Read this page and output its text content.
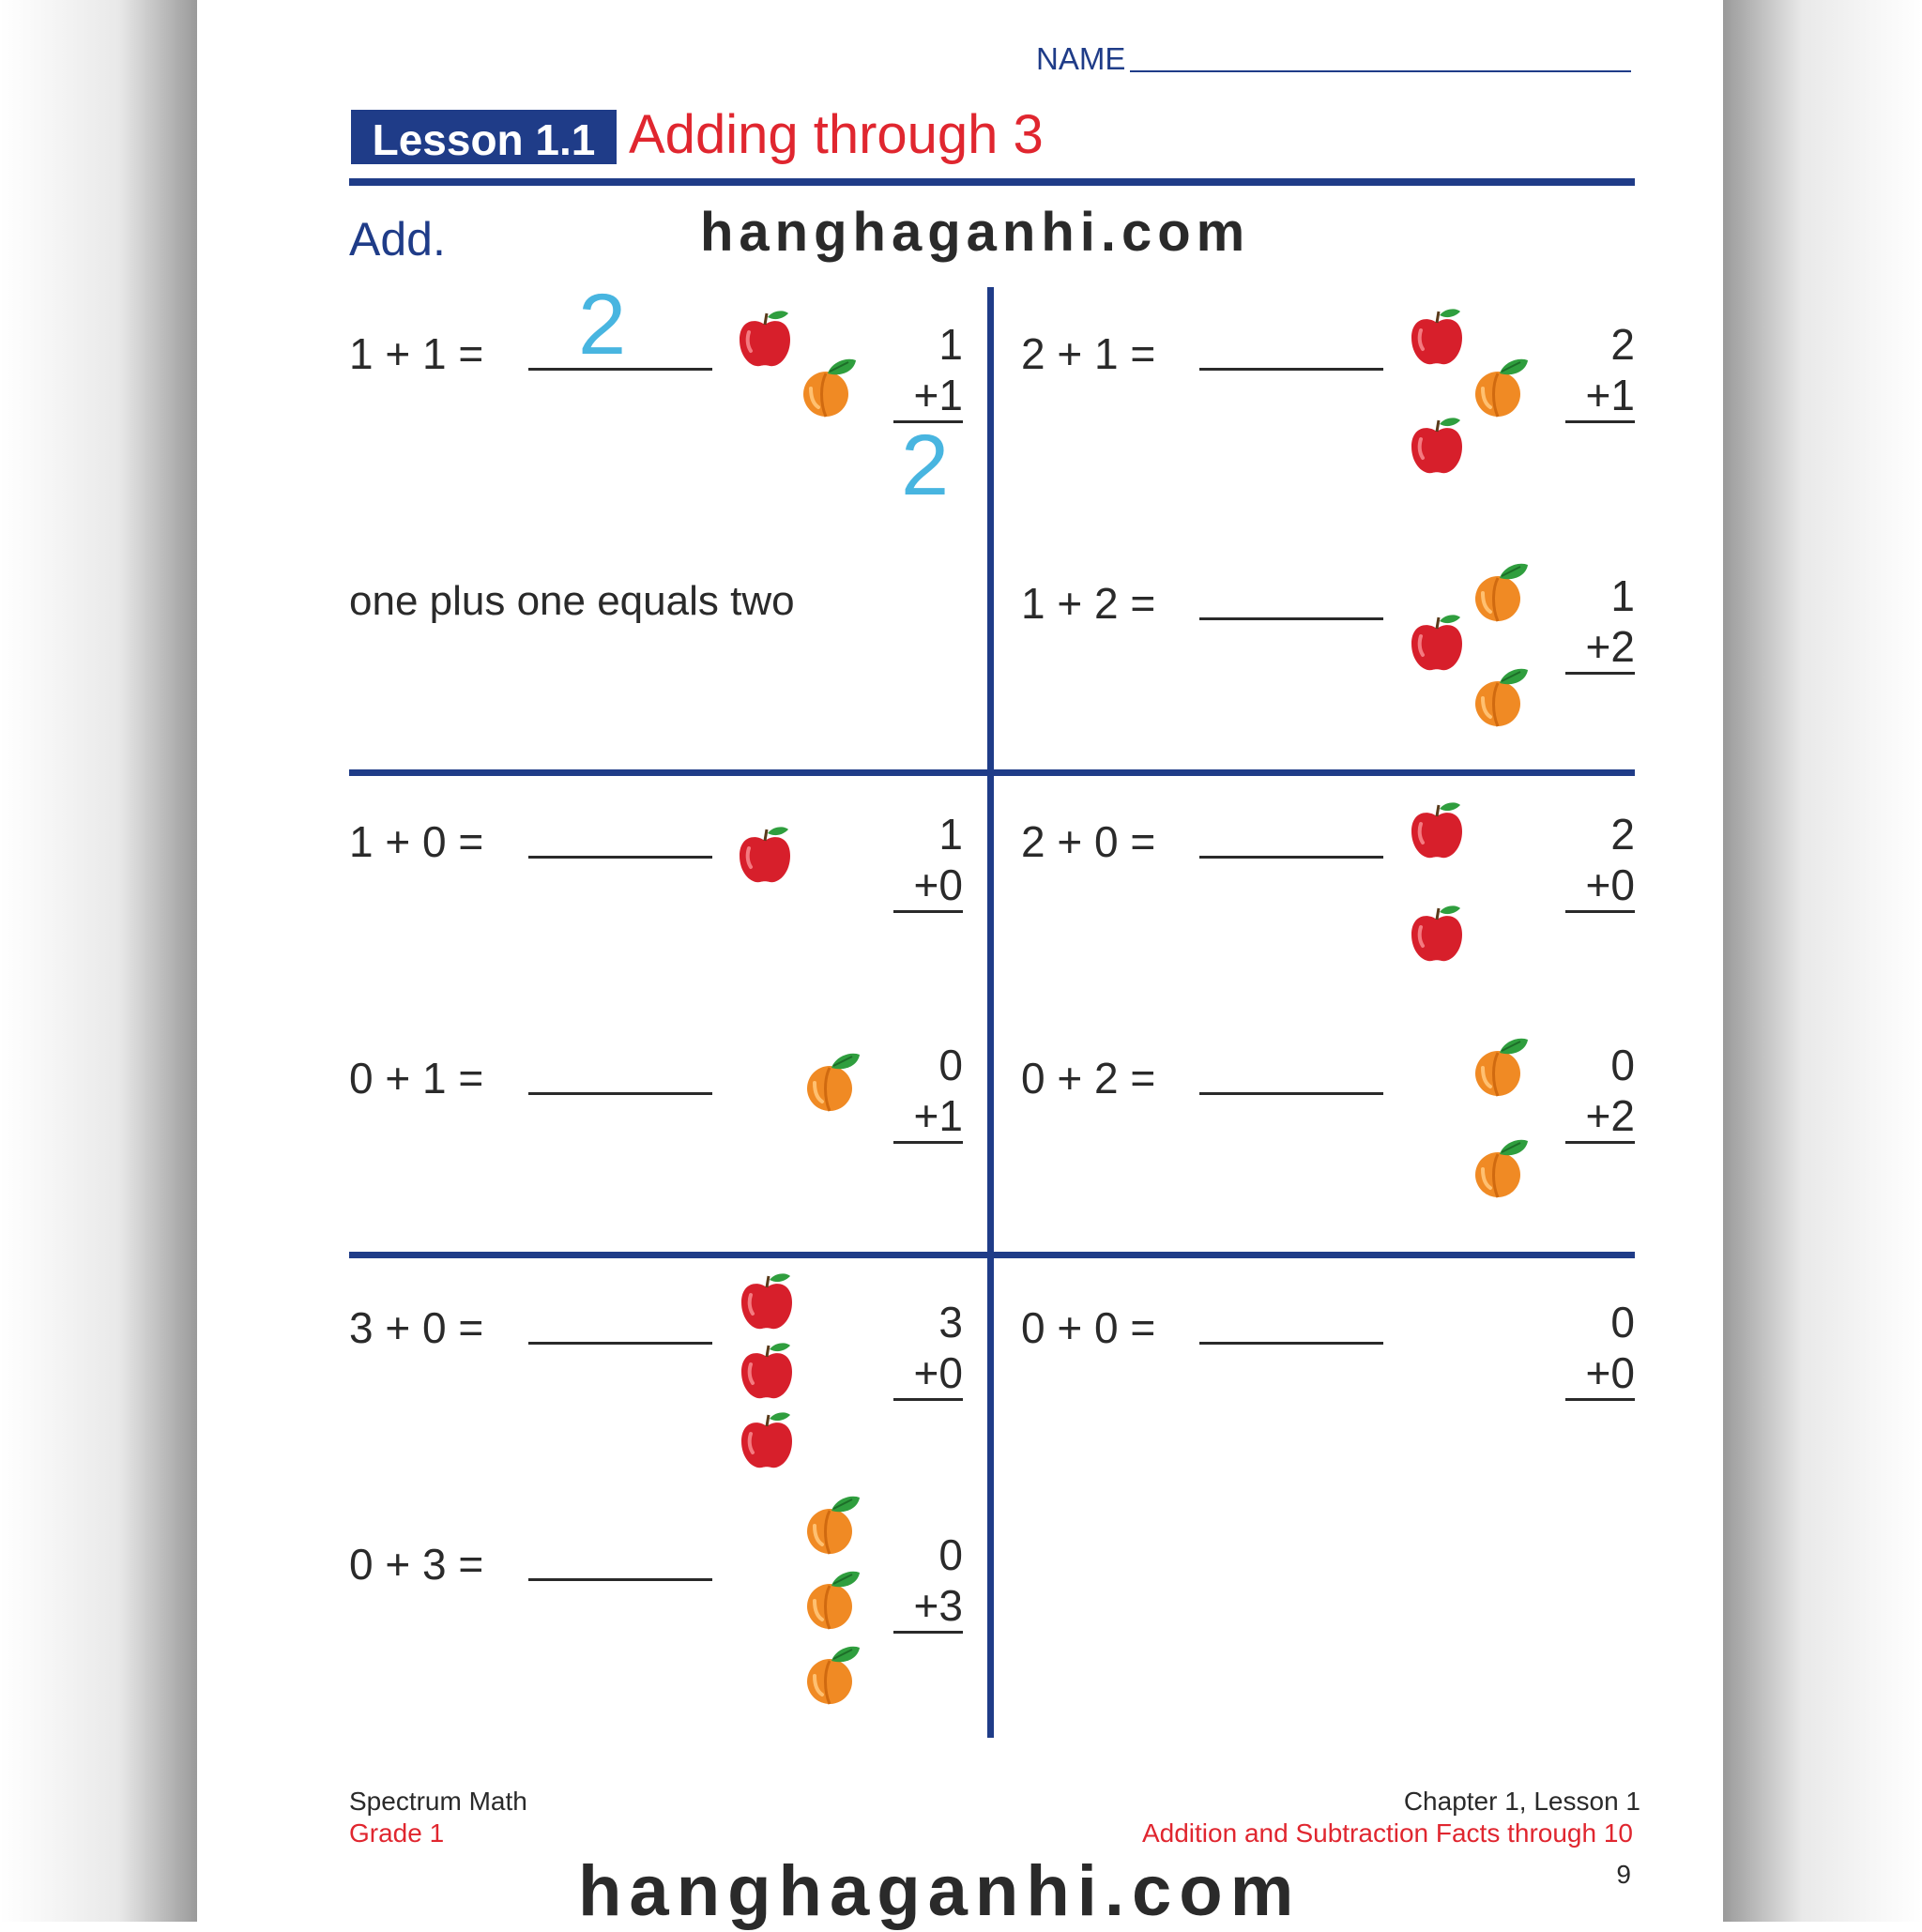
NAME
Lesson 1.1 Adding through 3
Add.	hanghaganhi.com
1 + 1 = 2	1
+1
2
one plus one equals two
2 + 1 =	2
+1
1 + 2 =	1
+2
1 + 0 =	1
+0
2 + 0 =	2
+0
0 + 1 =	0
+1
0 + 2 =	0
+2
3 + 0 =	3
+0
0 + 0 =	0
+0
0 + 3 =	0
+3
Spectrum Math
Grade 1
Chapter 1, Lesson 1
Addition and Subtraction Facts through 10
9
hanghaganhi.com
